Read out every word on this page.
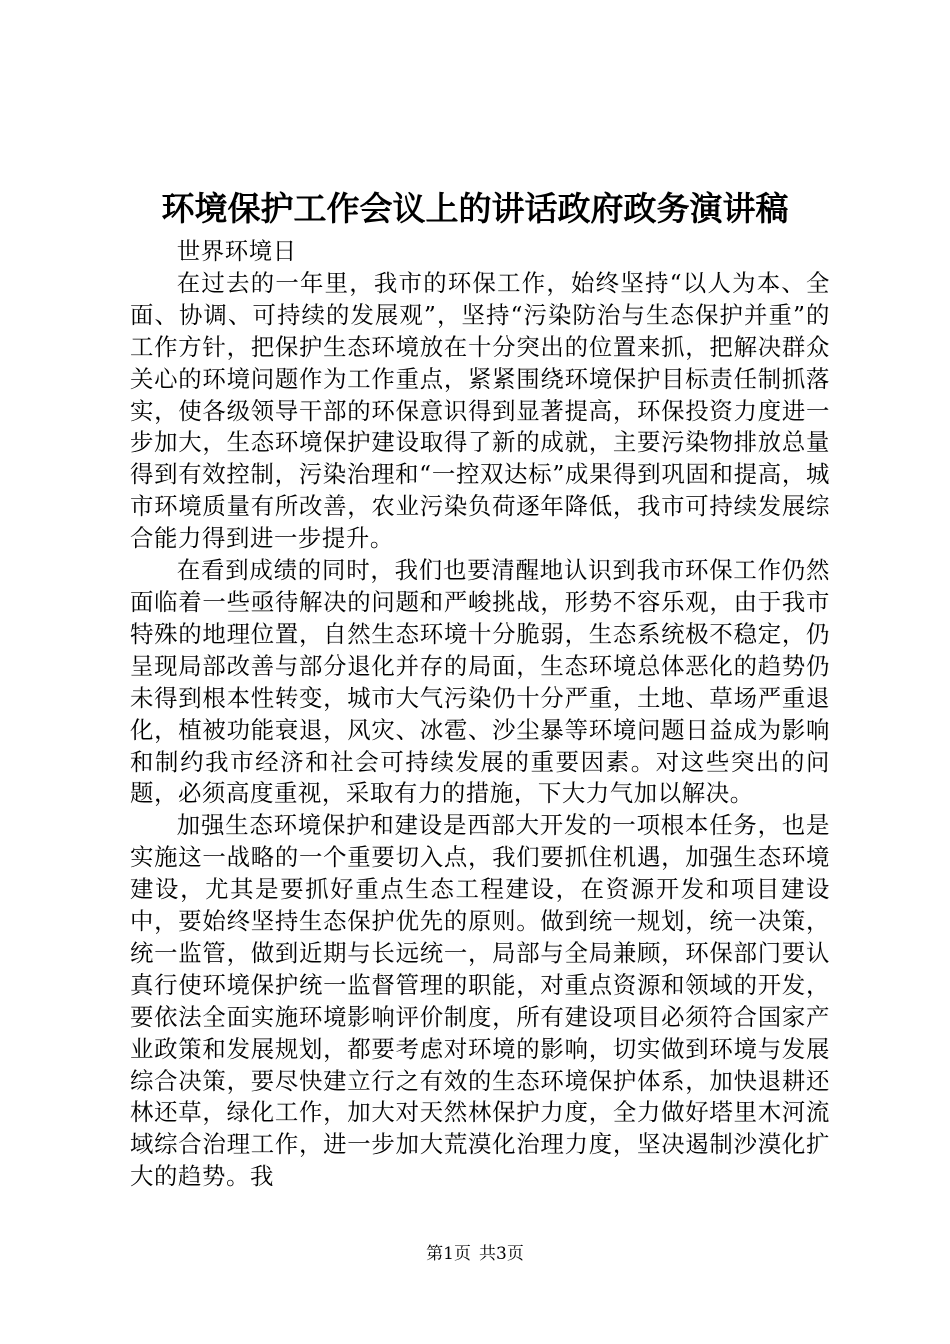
环境保护工作会议上的讲话政府政务演讲稿

世界环境日

在过去的一年里，我市的环保工作，始终坚持“以人为本、全面、协调、可持续的发展观”，坚持“污染防治与生态保护并重”的工作方针，把保护生态环境放在十分突出的位置来抓，把解决群众关心的环境问题作为工作重点，紧紧围绕环境保护目标责任制抓落实，使各级领导干部的环保意识得到显著提高，环保投资力度进一步加大，生态环境保护建设取得了新的成就，主要污染物排放总量得到有效控制，污染治理和“一控双达标”成果得到巩固和提高，城市环境质量有所改善，农业污染负荷逐年降低，我市可持续发展综合能力得到进一步提升。

在看到成绩的同时，我们也要清醒地认识到我市环保工作仍然面临着一些亟待解决的问题和严峻挑战，形势不容乐观，由于我市特殊的地理位置，自然生态环境十分脆弱，生态系统极不稳定，仍呈现局部改善与部分退化并存的局面，生态环境总体恶化的趋势仍未得到根本性转变，城市大气污染仍十分严重，土地、草场严重退化，植被功能衰退，风灾、冰雹、沙尘暴等环境问题日益成为影响和制约我市经济和社会可持续发展的重要因素。对这些突出的问题，必须高度重视，采取有力的措施，下大力气加以解决。

加强生态环境保护和建设是西部大开发的一项根本任务，也是实施这一战略的一个重要切入点，我们要抓住机遇，加强生态环境建设，尤其是要抓好重点生态工程建设，在资源开发和项目建设中，要始终坚持生态保护优先的原则。做到统一规划，统一决策，统一监管，做到近期与长远统一，局部与全局兼顾，环保部门要认真行使环境保护统一监督管理的职能，对重点资源和领域的开发，要依法全面实施环境影响评价制度，所有建设项目必须符合国家产业政策和发展规划，都要考虑对环境的影响，切实做到环境与发展综合决策，要尽快建立行之有效的生态环境保护体系，加快退耕还林还草，绿化工作，加大对天然林保护力度，全力做好塔里木河流域综合治理工作，进一步加大荒漠化治理力度，坚决遏制沙漠化扩大的趋势。我

第1页 共3页
